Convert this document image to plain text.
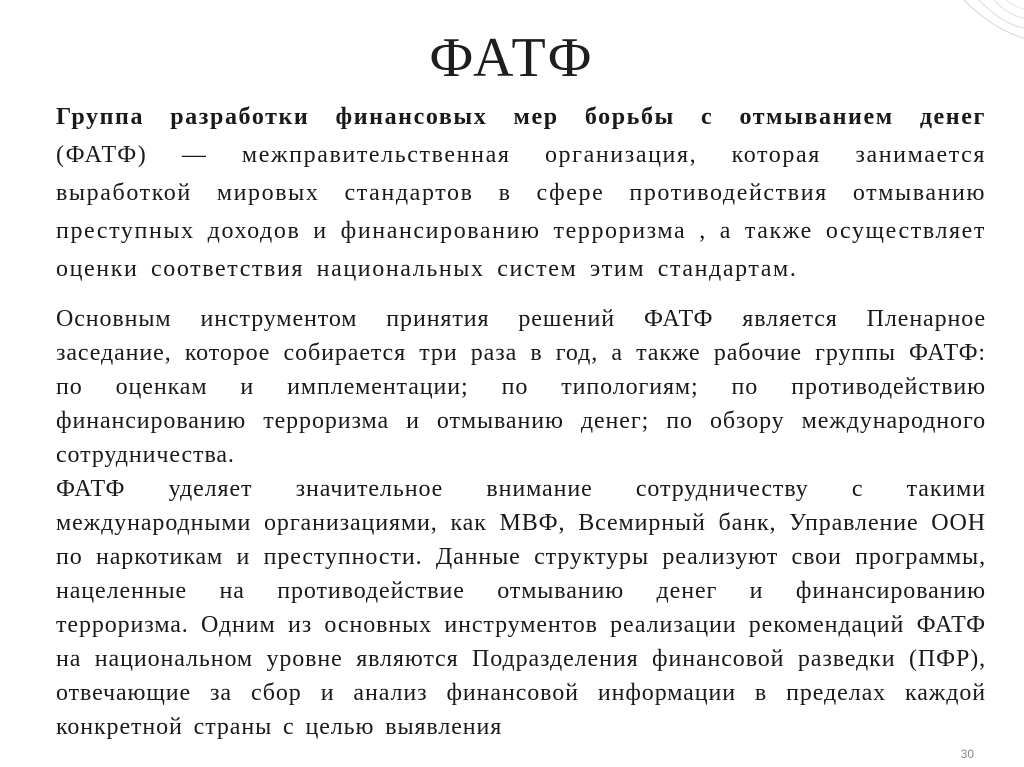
ФАТФ

Группа разработки финансовых мер борьбы с отмыванием денег (ФАТФ) — межправительственная организация, которая занимается выработкой мировых стандартов в сфере противодействия отмыванию преступных доходов и финансированию терроризма , а также осуществляет оценки соответствия национальных систем этим стандартам.

Основным инструментом принятия решений ФАТФ является Пленарное заседание, которое собирается три раза в год, а также рабочие группы ФАТФ: по оценкам и имплементации; по типологиям; по противодействию финансированию терроризма и отмыванию денег; по обзору международного сотрудничества.

ФАТФ уделяет значительное внимание сотрудничеству с такими международными организациями, как МВФ, Всемирный банк, Управление ООН по наркотикам и преступности. Данные структуры реализуют свои программы, нацеленные на противодействие отмыванию денег и финансированию терроризма. Одним из основных инструментов реализации рекомендаций ФАТФ на национальном уровне являются Подразделения финансовой разведки (ПФР), отвечающие за сбор и анализ финансовой информации в пределах каждой конкретной страны с целью выявления

30
